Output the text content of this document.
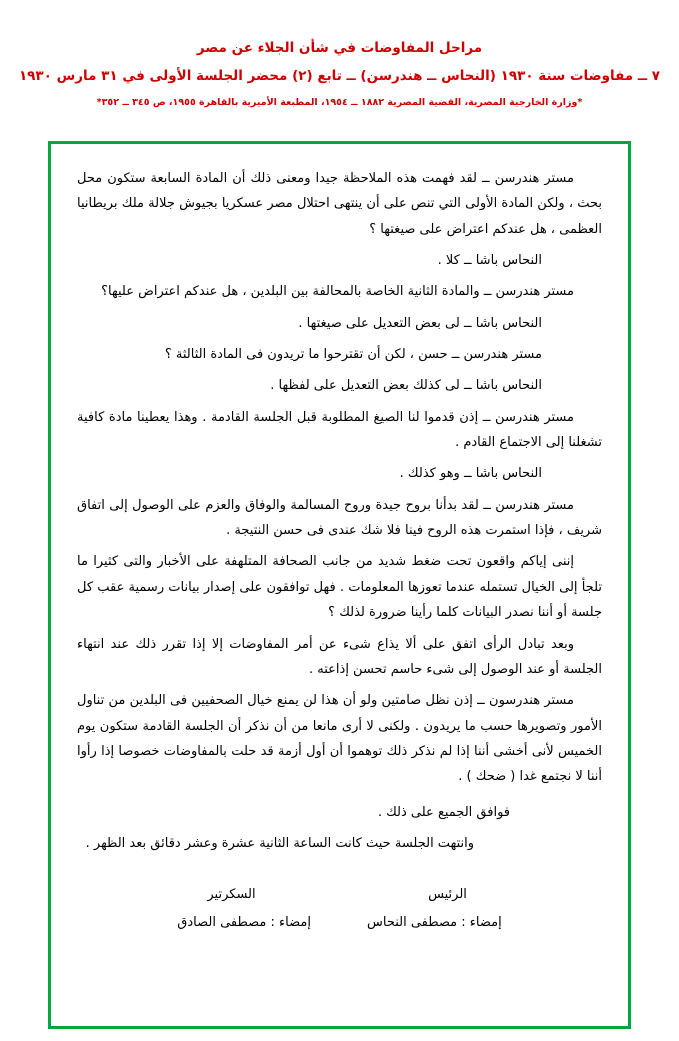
مراحل المفاوضات في شأن الجلاء عن مصر
٧ ــ مفاوضات سنة ١٩٣٠ (النحاس ــ هندرسن) ــ تابع (٢) محضر الجلسة الأولى في ٣١ مارس ١٩٣٠
*وزارة الخارجية المصرية، القضية المصرية ١٨٨٢ ــ ١٩٥٤، المطبعة الأميرية بالقاهرة ١٩٥٥، ص ٣٤٥ ــ ٣٥٢*

مستر هندرسن ــ لقد فهمت هذه الملاحظة جيدا ومعنى ذلك أن المادة السابعة ستكون محل بحث ، ولكن المادة الأولى التي تنص على أن ينتهى احتلال مصر عسكريا بجيوش جلالة ملك بريطانيا العظمى ، هل عندكم اعتراض على صيغتها ؟

النحاس باشا ــ كلا .

مستر هندرسن ــ والمادة الثانية الخاصة بالمحالفة بين البلدين ، هل عندكم اعتراض عليها؟

النحاس باشا ــ لى بعض التعديل على صيغتها .

مستر هندرسن ــ حسن ، لكن أن تقترحوا ما تريدون فى المادة الثالثة ؟

النحاس باشا ــ لى كذلك بعض التعديل على لفظها .

مستر هندرسن ــ إذن قدموا لنا الصيغ المطلوبة قبل الجلسة القادمة . وهذا يعطينا مادة كافية تشغلنا إلى الاجتماع القادم .

النحاس باشا ــ وهو كذلك .

مستر هندرسن ــ لقد بدأنا بروح جيدة وروح المسالمة والوفاق والعزم على الوصول إلى اتفاق شريف ، فإذا استمرت هذه الروح فينا فلا شك عندى فى حسن النتيجة .

إننى إياكم واقعون تحت ضغط شديد من جانب الصحافة المتلهفة على الأخبار والتى كثيرا ما تلجأ إلى الخيال تستمله عندما تعوزها المعلومات . فهل توافقون على إصدار بيانات رسمية عقب كل جلسة أو أننا نصدر البيانات كلما رأينا ضرورة لذلك ؟

وبعد تبادل الرأى اتفق على ألا يذاع شىء عن أمر المفاوضات إلا إذا تقرر ذلك عند انتهاء الجلسة أو عند الوصول إلى شىء حاسم تحسن إذاعته .

مستر هندرسون ــ إذن نظل صامتين ولو أن هذا لن يمنع خيال الصحفيين فى البلدين من تناول الأمور وتصويرها حسب ما يريدون . ولكنى لا أرى مانعا من أن نذكر أن الجلسة القادمة ستكون يوم الخميس لأنى أخشى أننا إذا لم نذكر ذلك توهموا أن أول أزمة قد حلت بالمفاوضات خصوصا إذا رأوا أننا لا نجتمع غدا ( ضحك ) .

فوافق الجميع على ذلك .

وانتهت الجلسة حيث كانت الساعة الثانية عشرة وعشر دقائق بعد الظهر .

الرئيس
السكرتير
إمضاء : مصطفى النحاس
إمضاء : مصطفى الصادق
